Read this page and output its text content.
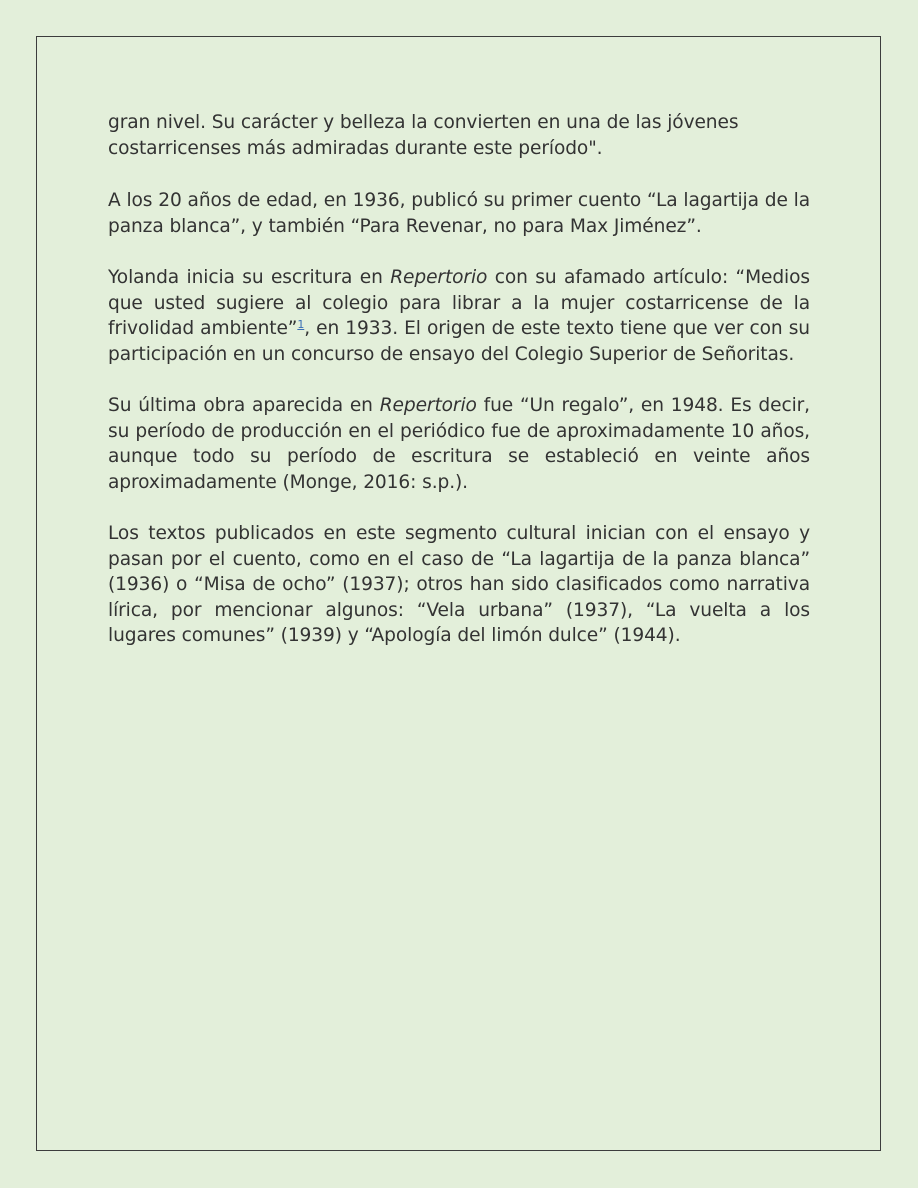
gran nivel. Su carácter y belleza la convierten en una de las jóvenes costarricenses más admiradas durante este período".

A los 20 años de edad, en 1936, publicó su primer cuento “La lagartija de la panza blanca”, y también “Para Revenar, no para Max Jiménez”.

Yolanda inicia su escritura en Repertorio con su afamado artículo: “Medios que usted sugiere al colegio para librar a la mujer costarricense de la frivolidad ambiente”$^1$, en 1933. El origen de este texto tiene que ver con su participación en un concurso de ensayo del Colegio Superior de Señoritas.

Su última obra aparecida en Repertorio fue “Un regalo”, en 1948. Es decir, su período de producción en el periódico fue de aproximadamente 10 años, aunque todo su período de escritura se estableció en veinte años aproximadamente (Monge, 2016: s.p.).

Los textos publicados en este segmento cultural inician con el ensayo y pasan por el cuento, como en el caso de “La lagartija de la panza blanca” (1936) o “Misa de ocho” (1937); otros han sido clasificados como narrativa lírica, por mencionar algunos: “Vela urbana” (1937), “La vuelta a los lugares comunes” (1939) y “Apología del limón dulce” (1944).
